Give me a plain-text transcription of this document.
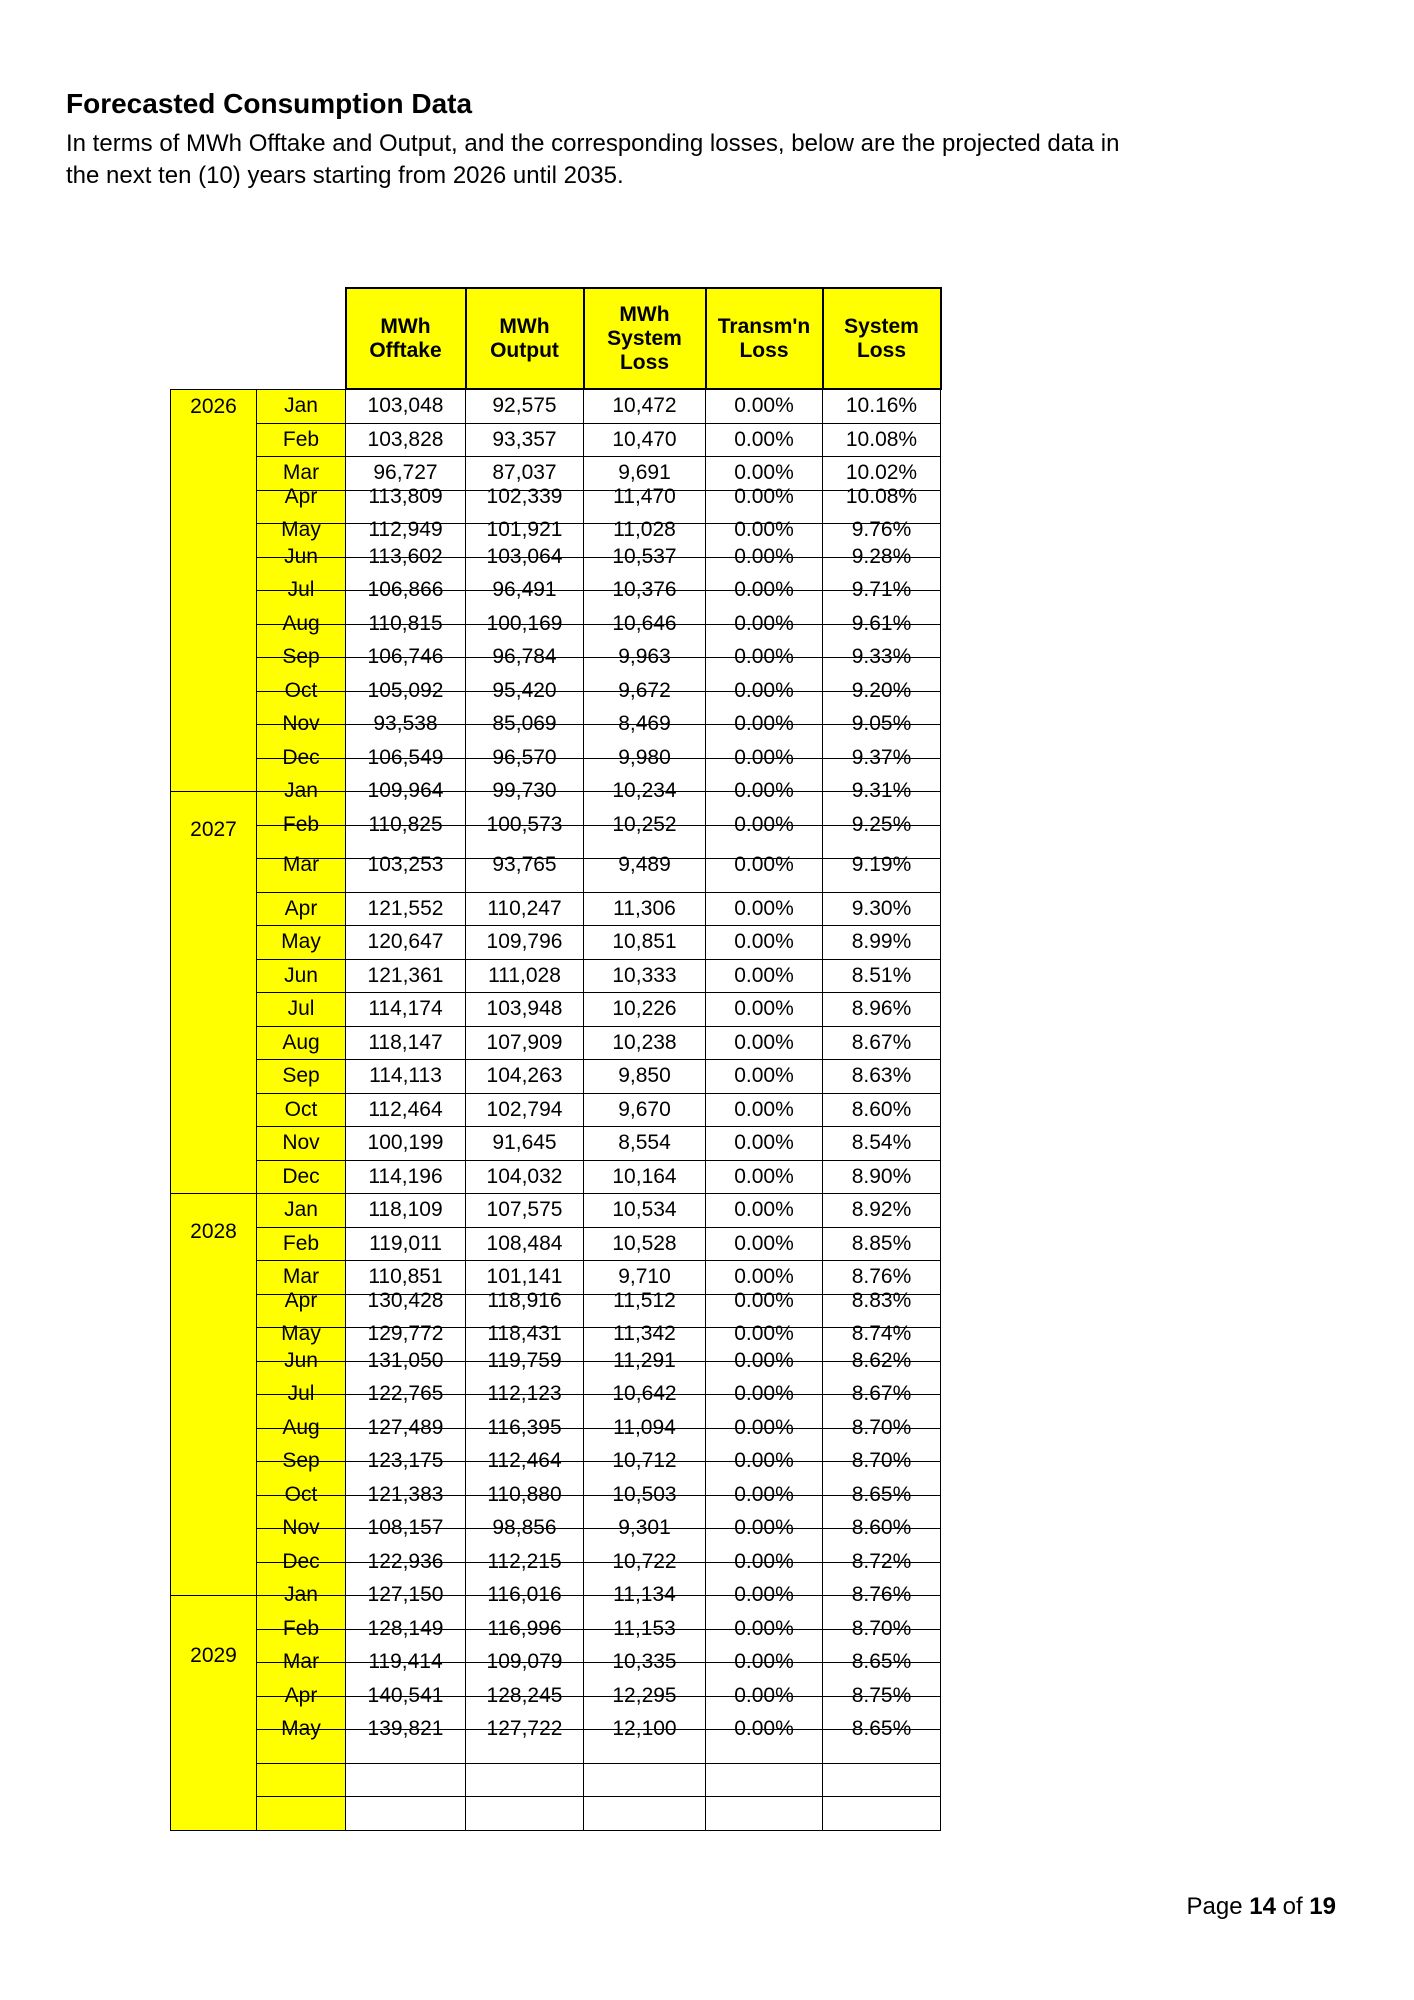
Forecasted Consumption Data
In terms of MWh Offtake and Output, and the corresponding losses, below are the projected data in
the next ten (10) years starting from 2026 until 2035.
		MWh Offtake	MWh Output	MWh System Loss	Transm'n Loss	System Loss

2026	Jan	103,048	92,575	10,472	0.00%	10.16%
	Feb	103,828	93,357	10,470	0.00%	10.08%
	Mar	96,727	87,037	9,691	0.00%	10.02%
	Apr	113,809	102,339	11,470	0.00%	10.08%
	May	112,949	101,921	11,028	0.00%	9.76%
	Jun	113,602	103,064	10,537	0.00%	9.28%
	Jul	106,866	96,491	10,376	0.00%	9.71%
	Aug	110,815	100,169	10,646	0.00%	9.61%
	Sep	106,746	96,784	9,963	0.00%	9.33%
	Oct	105,092	95,420	9,672	0.00%	9.20%
	Nov	93,538	85,069	8,469	0.00%	9.05%
	Dec	106,549	96,570	9,980	0.00%	9.37%

2027	Jan	109,964	99,730	10,234	0.00%	9.31%
	Feb	110,825	100,573	10,252	0.00%	9.25%
	Mar	103,253	93,765	9,489	0.00%	9.19%
	Apr	121,552	110,247	11,306	0.00%	9.30%
	May	120,647	109,796	10,851	0.00%	8.99%
	Jun	121,361	111,028	10,333	0.00%	8.51%
	Jul	114,174	103,948	10,226	0.00%	8.96%
	Aug	118,147	107,909	10,238	0.00%	8.67%
	Sep	114,113	104,263	9,850	0.00%	8.63%
	Oct	112,464	102,794	9,670	0.00%	8.60%
	Nov	100,199	91,645	8,554	0.00%	8.54%
	Dec	114,196	104,032	10,164	0.00%	8.90%

2028	Jan	118,109	107,575	10,534	0.00%	8.92%
	Feb	119,011	108,484	10,528	0.00%	8.85%
	Mar	110,851	101,141	9,710	0.00%	8.76%
	Apr	130,428	118,916	11,512	0.00%	8.83%
	May	129,772	118,431	11,342	0.00%	8.74%
	Jun	131,050	119,759	11,291	0.00%	8.62%
	Jul	122,765	112,123	10,642	0.00%	8.67%
	Aug	127,489	116,395	11,094	0.00%	8.70%
	Sep	123,175	112,464	10,712	0.00%	8.70%
	Oct	121,383	110,880	10,503	0.00%	8.65%
	Nov	108,157	98,856	9,301	0.00%	8.60%
	Dec	122,936	112,215	10,722	0.00%	8.72%

2029	Jan	127,150	116,016	11,134	0.00%	8.76%
	Feb	128,149	116,996	11,153	0.00%	8.70%
	Mar	119,414	109,079	10,335	0.00%	8.65%
	Apr	140,541	128,245	12,295	0.00%	8.75%
	May	139,821	127,722	12,100	0.00%	8.65%

Page 14 of 19
